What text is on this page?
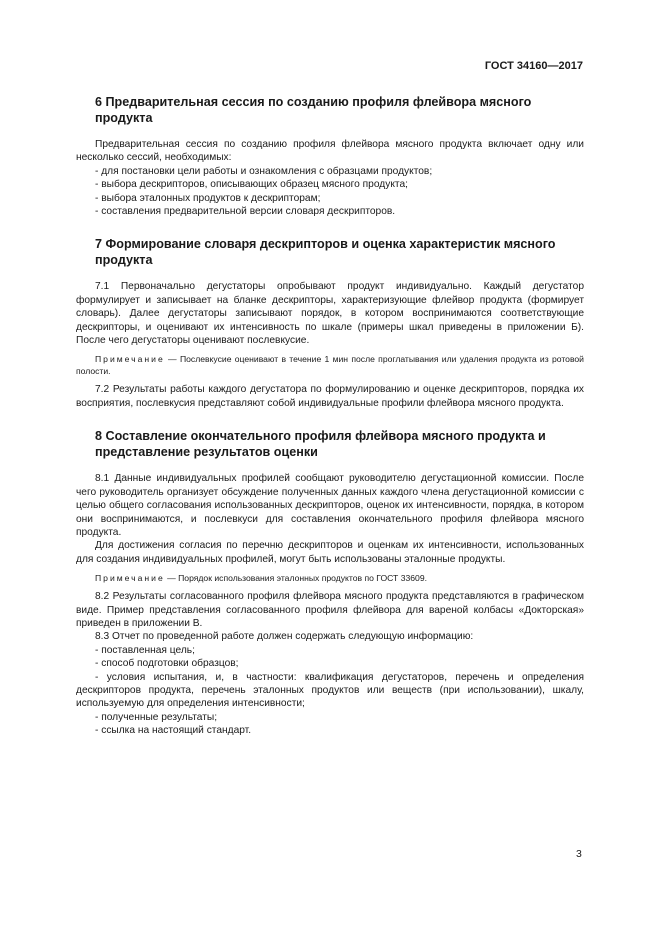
ГОСТ 34160—2017
6 Предварительная сессия по созданию профиля флейвора мясного продукта

Предварительная сессия по созданию профиля флейвора мясного продукта включает одну или несколько сессий, необходимых:

- для постановки цели работы и ознакомления с образцами продуктов;
- выбора дескрипторов, описывающих образец мясного продукта;
- выбора эталонных продуктов к дескрипторам;
- составления предварительной версии словаря дескрипторов.
7 Формирование словаря дескрипторов и оценка характеристик мясного продукта

7.1 Первоначально дегустаторы опробывают продукт индивидуально. Каждый дегустатор формулирует и записывает на бланке дескрипторы, характеризующие флейвор продукта (формирует словарь). Далее дегустаторы записывают порядок, в котором воспринимаются соответствующие дескрипторы, и оценивают их интенсивность по шкале (примеры шкал приведены в приложении Б). После чего дегустаторы оценивают послевкусие.

Примечание — Послевкусие оценивают в течение 1 мин после проглатывания или удаления продукта из ротовой полости.

7.2 Результаты работы каждого дегустатора по формулированию и оценке дескрипторов, порядка их восприятия, послевкусия представляют собой индивидуальные профили флейвора мясного продукта.

8 Составление окончательного профиля флейвора мясного продукта и представление результатов оценки

8.1 Данные индивидуальных профилей сообщают руководителю дегустационной комиссии. После чего руководитель организует обсуждение полученных данных каждого члена дегустационной комиссии с целью общего согласования использованных дескрипторов, оценок их интенсивности, порядка, в котором они воспринимаются, и послевкуси для составления окончательного профиля флейвора мясного продукта.

Для достижения согласия по перечню дескрипторов и оценкам их интенсивности, использованных для создания индивидуальных профилей, могут быть использованы эталонные продукты.

Примечание — Порядок использования эталонных продуктов по ГОСТ 33609.

8.2 Результаты согласованного профиля флейвора мясного продукта представляются в графическом виде. Пример представления согласованного профиля флейвора для вареной колбасы «Докторская» приведен в приложении В.

8.3 Отчет по проведенной работе должен содержать следующую информацию:

- поставленная цель;
- способ подготовки образцов;
- условия испытания, и, в частности: квалификация дегустаторов, перечень и определения дескрипторов продукта, перечень эталонных продуктов или веществ (при использовании), шкалу, используемую для определения интенсивности;
- полученные результаты;
- ссылка на настоящий стандарт.
3
